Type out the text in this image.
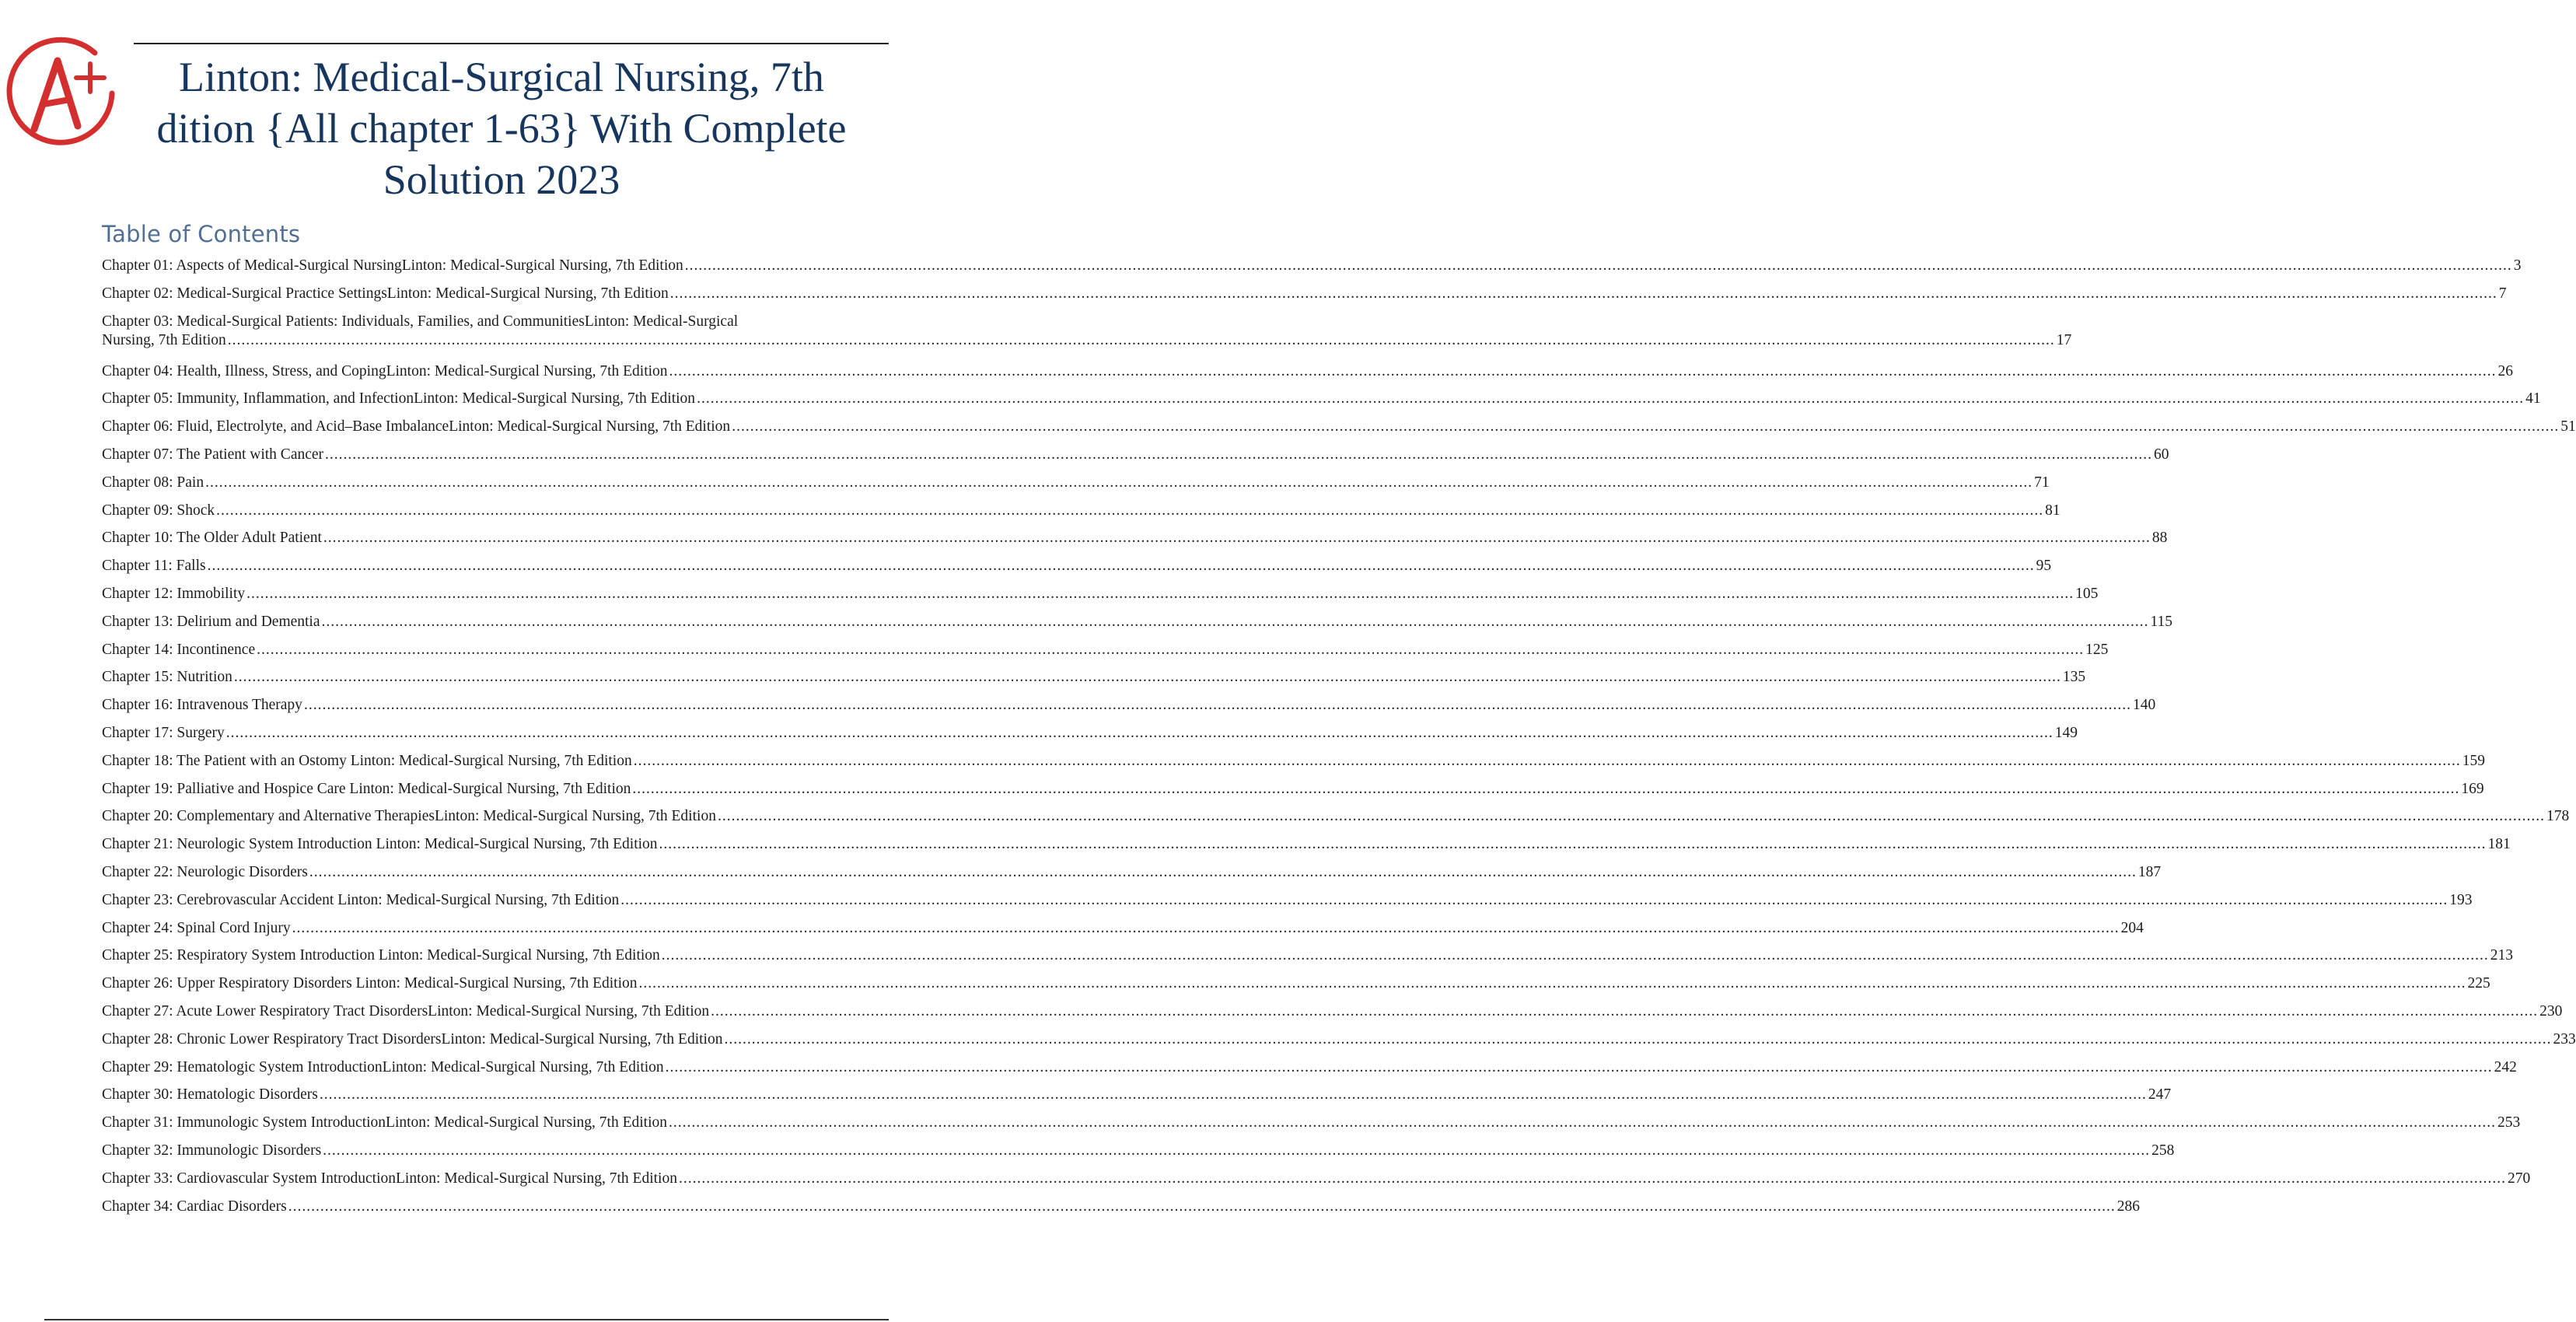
Linton: Medical-Surgical Nursing, 7th
dition {All chapter 1-63} With Complete
Solution 2023
Table of Contents
Chapter 01: Aspects of Medical-Surgical NursingLinton: Medical-Surgical Nursing, 7th Edition ................................................................................................................................................................................................................................................................................................................................................................................................................ 3
Chapter 02: Medical-Surgical Practice SettingsLinton: Medical-Surgical Nursing, 7th Edition ................................................................................................................................................................................................................................................................................................................................................................................................................ 7
Chapter 03: Medical-Surgical Patients: Individuals, Families, and CommunitiesLinton: Medical-Surgical
Nursing, 7th Edition ................................................................................................................................................................................................................................................................................................................................................................................................................ 17
Chapter 04: Health, Illness, Stress, and CopingLinton: Medical-Surgical Nursing, 7th Edition ................................................................................................................................................................................................................................................................................................................................................................................................................ 26
Chapter 05: Immunity, Inflammation, and InfectionLinton: Medical-Surgical Nursing, 7th Edition ................................................................................................................................................................................................................................................................................................................................................................................................................ 41
Chapter 06: Fluid, Electrolyte, and Acid–Base ImbalanceLinton: Medical-Surgical Nursing, 7th Edition ................................................................................................................................................................................................................................................................................................................................................................................................................ 51
Chapter 07: The Patient with Cancer ................................................................................................................................................................................................................................................................................................................................................................................................................ 60
Chapter 08: Pain ................................................................................................................................................................................................................................................................................................................................................................................................................ 71
Chapter 09: Shock ................................................................................................................................................................................................................................................................................................................................................................................................................ 81
Chapter 10: The Older Adult Patient ................................................................................................................................................................................................................................................................................................................................................................................................................ 88
Chapter 11: Falls ................................................................................................................................................................................................................................................................................................................................................................................................................ 95
Chapter 12: Immobility ................................................................................................................................................................................................................................................................................................................................................................................................................ 105
Chapter 13: Delirium and Dementia ................................................................................................................................................................................................................................................................................................................................................................................................................ 115
Chapter 14: Incontinence ................................................................................................................................................................................................................................................................................................................................................................................................................ 125
Chapter 15: Nutrition ................................................................................................................................................................................................................................................................................................................................................................................................................ 135
Chapter 16: Intravenous Therapy ................................................................................................................................................................................................................................................................................................................................................................................................................ 140
Chapter 17: Surgery ................................................................................................................................................................................................................................................................................................................................................................................................................ 149
Chapter 18: The Patient with an Ostomy Linton: Medical-Surgical Nursing, 7th Edition ................................................................................................................................................................................................................................................................................................................................................................................................................ 159
Chapter 19: Palliative and Hospice Care Linton: Medical-Surgical Nursing, 7th Edition ................................................................................................................................................................................................................................................................................................................................................................................................................ 169
Chapter 20: Complementary and Alternative TherapiesLinton: Medical-Surgical Nursing, 7th Edition ................................................................................................................................................................................................................................................................................................................................................................................................................ 178
Chapter 21: Neurologic System Introduction Linton: Medical-Surgical Nursing, 7th Edition ................................................................................................................................................................................................................................................................................................................................................................................................................ 181
Chapter 22: Neurologic Disorders ................................................................................................................................................................................................................................................................................................................................................................................................................ 187
Chapter 23: Cerebrovascular Accident Linton: Medical-Surgical Nursing, 7th Edition ................................................................................................................................................................................................................................................................................................................................................................................................................ 193
Chapter 24: Spinal Cord Injury ................................................................................................................................................................................................................................................................................................................................................................................................................ 204
Chapter 25: Respiratory System Introduction Linton: Medical-Surgical Nursing, 7th Edition ................................................................................................................................................................................................................................................................................................................................................................................................................ 213
Chapter 26: Upper Respiratory Disorders Linton: Medical-Surgical Nursing, 7th Edition ................................................................................................................................................................................................................................................................................................................................................................................................................ 225
Chapter 27: Acute Lower Respiratory Tract DisordersLinton: Medical-Surgical Nursing, 7th Edition ................................................................................................................................................................................................................................................................................................................................................................................................................ 230
Chapter 28: Chronic Lower Respiratory Tract DisordersLinton: Medical-Surgical Nursing, 7th Edition ................................................................................................................................................................................................................................................................................................................................................................................................................ 233
Chapter 29: Hematologic System IntroductionLinton: Medical-Surgical Nursing, 7th Edition ................................................................................................................................................................................................................................................................................................................................................................................................................ 242
Chapter 30: Hematologic Disorders ................................................................................................................................................................................................................................................................................................................................................................................................................ 247
Chapter 31: Immunologic System IntroductionLinton: Medical-Surgical Nursing, 7th Edition ................................................................................................................................................................................................................................................................................................................................................................................................................ 253
Chapter 32: Immunologic Disorders ................................................................................................................................................................................................................................................................................................................................................................................................................ 258
Chapter 33: Cardiovascular System IntroductionLinton: Medical-Surgical Nursing, 7th Edition ................................................................................................................................................................................................................................................................................................................................................................................................................ 270
Chapter 34: Cardiac Disorders ................................................................................................................................................................................................................................................................................................................................................................................................................ 286
